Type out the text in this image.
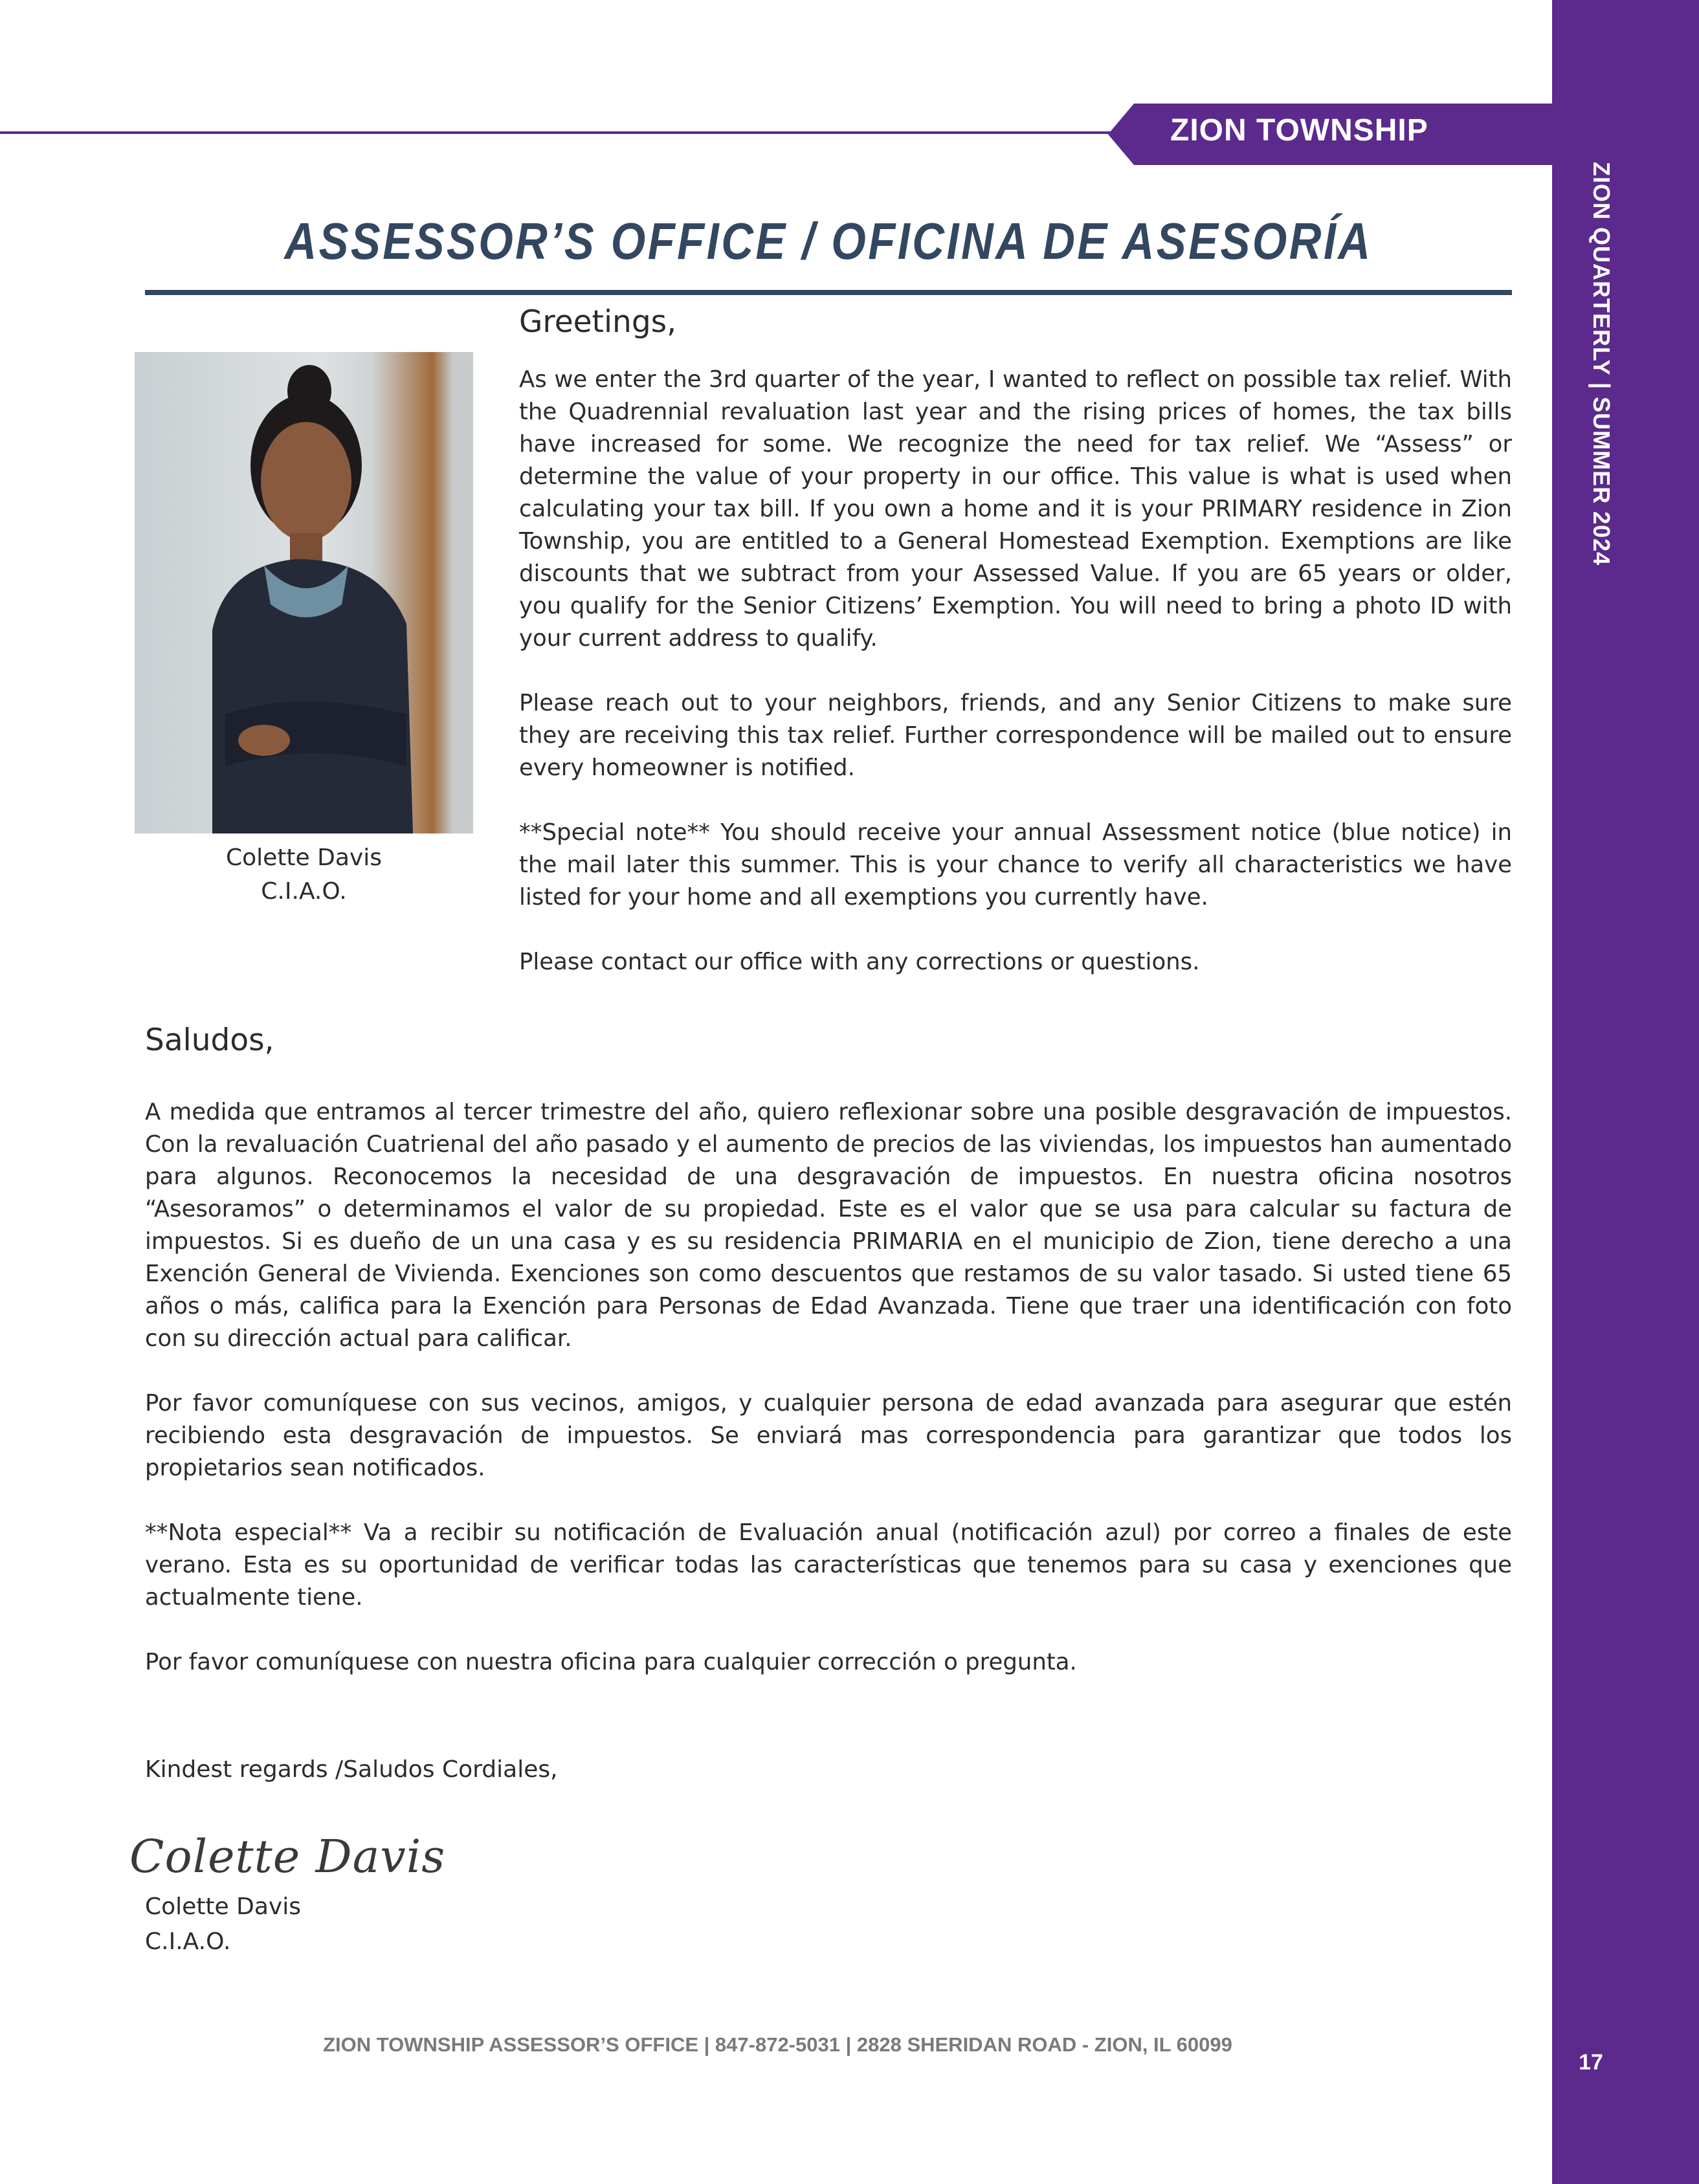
ZION QUARTERLY | SUMMER 2024
17
ZION TOWNSHIP
ASSESSOR’S OFFICE / OFICINA DE ASESORÍA
Colette Davis
C.I.A.O.
Greetings,

As we enter the 3rd quarter of the year, I wanted to reflect on possible tax relief. With the Quadrennial revaluation last year and the rising prices of homes, the tax bills have increased for some. We recognize the need for tax relief. We “Assess” or determine the value of your property in our office. This value is what is used when calculating your tax bill. If you own a home and it is your PRIMARY residence in Zion Township, you are entitled to a General Homestead Exemption. Exemptions are like discounts that we subtract from your Assessed Value. If you are 65 years or older, you qualify for the Senior Citizens’ Exemption. You will need to bring a photo ID with your current address to qualify.

Please reach out to your neighbors, friends, and any Senior Citizens to make sure they are receiving this tax relief. Further correspondence will be mailed out to ensure every homeowner is notified.

**Special note** You should receive your annual Assessment notice (blue notice) in the mail later this summer. This is your chance to verify all characteristics we have listed for your home and all exemptions you currently have.

Please contact our office with any corrections or questions.

Saludos,

A medida que entramos al tercer trimestre del año, quiero reflexionar sobre una posible desgravación de impuestos. Con la revaluación Cuatrienal del año pasado y el aumento de precios de las viviendas, los impuestos han aumentado para algunos. Reconocemos la necesidad de una desgravación de impuestos. En nuestra oficina nosotros “Asesoramos” o determinamos el valor de su propiedad. Este es el valor que se usa para calcular su factura de impuestos. Si es dueño de un una casa y es su residencia PRIMARIA en el municipio de Zion, tiene derecho a una Exención General de Vivienda. Exenciones son como descuentos que restamos de su valor tasado. Si usted tiene 65 años o más, califica para la Exención para Personas de Edad Avanzada. Tiene que traer una identificación con foto con su dirección actual para calificar.

Por favor comuníquese con sus vecinos, amigos, y cualquier persona de edad avanzada para asegurar que estén recibiendo esta desgravación de impuestos. Se enviará mas correspondencia para garantizar que todos los propietarios sean notificados.

**Nota especial** Va a recibir su notificación de Evaluación anual (notificación azul) por correo a finales de este verano. Esta es su oportunidad de verificar todas las características que tenemos para su casa y exenciones que actualmente tiene.

Por favor comuníquese con nuestra oficina para cualquier corrección o pregunta.

Kindest regards /Saludos Cordiales,
Colette Davis
Colette Davis
C.I.A.O.
ZION TOWNSHIP ASSESSOR’S OFFICE | 847-872-5031 | 2828 SHERIDAN ROAD - ZION, IL 60099
